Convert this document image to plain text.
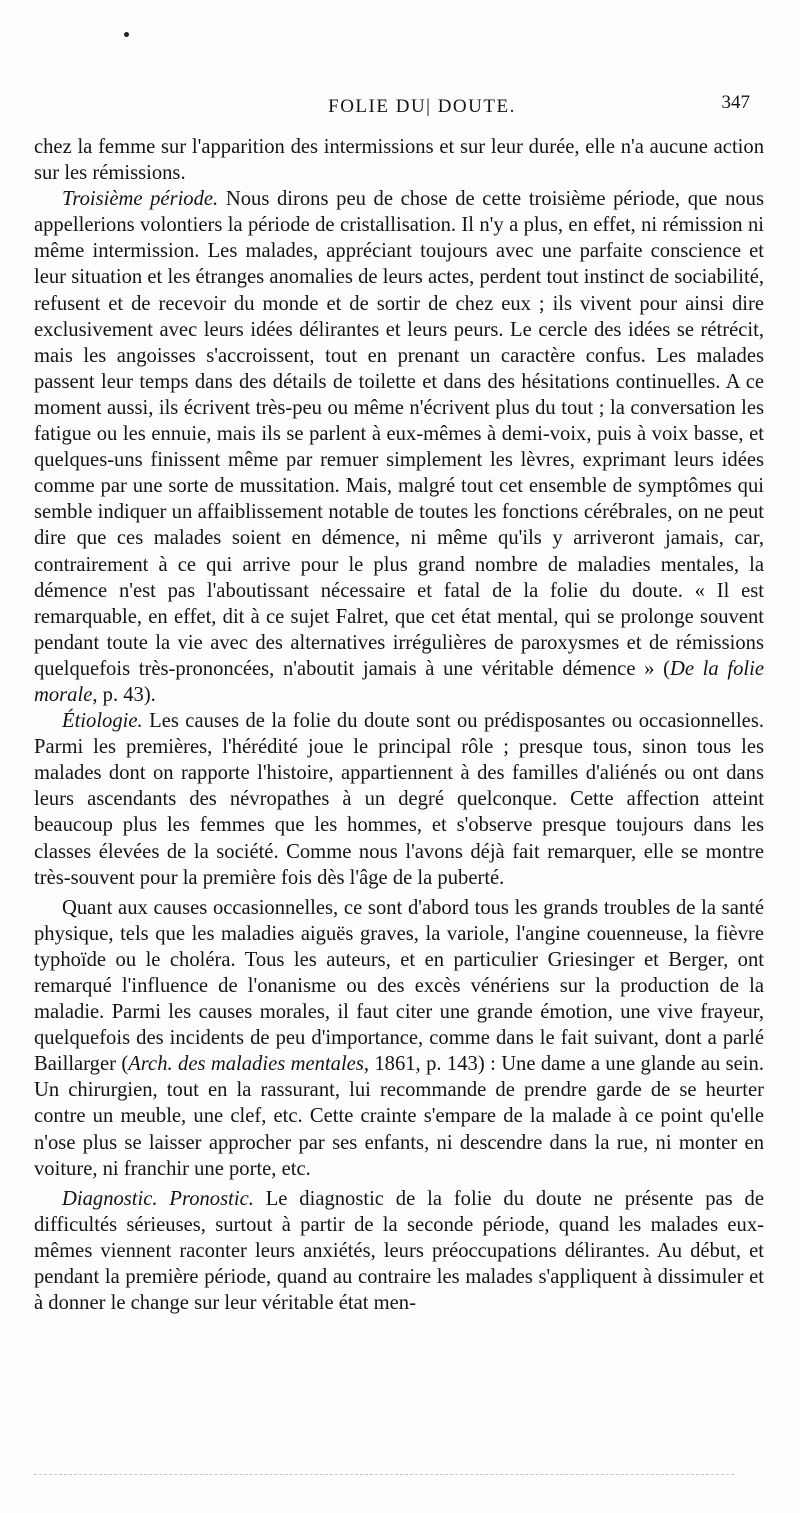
FOLIE DU| DOUTE.	347

chez la femme sur l'apparition des intermissions et sur leur durée, elle n'a aucune action sur les rémissions.

Troisième période. Nous dirons peu de chose de cette troisième période, que nous appellerions volontiers la période de cristallisation. Il n'y a plus, en effet, ni rémission ni même intermission. Les malades, appréciant toujours avec une parfaite conscience et leur situation et les étranges anomalies de leurs actes, perdent tout instinct de sociabilité, refusent et de recevoir du monde et de sortir de chez eux ; ils vivent pour ainsi dire exclusivement avec leurs idées délirantes et leurs peurs. Le cercle des idées se rétrécit, mais les angoisses s'accroissent, tout en prenant un caractère confus. Les malades passent leur temps dans des détails de toilette et dans des hésitations continuelles. A ce moment aussi, ils écrivent très-peu ou même n'écrivent plus du tout ; la conversation les fatigue ou les ennuie, mais ils se parlent à eux-mêmes à demi-voix, puis à voix basse, et quelques-uns finissent même par remuer simplement les lèvres, exprimant leurs idées comme par une sorte de mussitation. Mais, malgré tout cet ensemble de symptômes qui semble indiquer un affaiblissement notable de toutes les fonctions cérébrales, on ne peut dire que ces malades soient en démence, ni même qu'ils y arriveront jamais, car, contrairement à ce qui arrive pour le plus grand nombre de maladies mentales, la démence n'est pas l'aboutissant nécessaire et fatal de la folie du doute. « Il est remarquable, en effet, dit à ce sujet Falret, que cet état mental, qui se prolonge souvent pendant toute la vie avec des alternatives irrégulières de paroxysmes et de rémissions quelquefois très-prononcées, n'aboutit jamais à une véritable démence » (De la folie morale, p. 43).

Étiologie. Les causes de la folie du doute sont ou prédisposantes ou occasionnelles. Parmi les premières, l'hérédité joue le principal rôle ; presque tous, sinon tous les malades dont on rapporte l'histoire, appartiennent à des familles d'aliénés ou ont dans leurs ascendants des névropathes à un degré quelconque. Cette affection atteint beaucoup plus les femmes que les hommes, et s'observe presque toujours dans les classes élevées de la société. Comme nous l'avons déjà fait remarquer, elle se montre très-souvent pour la première fois dès l'âge de la puberté.

Quant aux causes occasionnelles, ce sont d'abord tous les grands troubles de la santé physique, tels que les maladies aiguës graves, la variole, l'angine couenneuse, la fièvre typhoïde ou le choléra. Tous les auteurs, et en particulier Griesinger et Berger, ont remarqué l'influence de l'onanisme ou des excès vénériens sur la production de la maladie. Parmi les causes morales, il faut citer une grande émotion, une vive frayeur, quelquefois des incidents de peu d'importance, comme dans le fait suivant, dont a parlé Baillarger (Arch. des maladies mentales, 1861, p. 143) : Une dame a une glande au sein. Un chirurgien, tout en la rassurant, lui recommande de prendre garde de se heurter contre un meuble, une clef, etc. Cette crainte s'empare de la malade à ce point qu'elle n'ose plus se laisser approcher par ses enfants, ni descendre dans la rue, ni monter en voiture, ni franchir une porte, etc.

Diagnostic. Pronostic. Le diagnostic de la folie du doute ne présente pas de difficultés sérieuses, surtout à partir de la seconde période, quand les malades eux-mêmes viennent raconter leurs anxiétés, leurs préoccupations délirantes. Au début, et pendant la première période, quand au contraire les malades s'appliquent à dissimuler et à donner le change sur leur véritable état men-
